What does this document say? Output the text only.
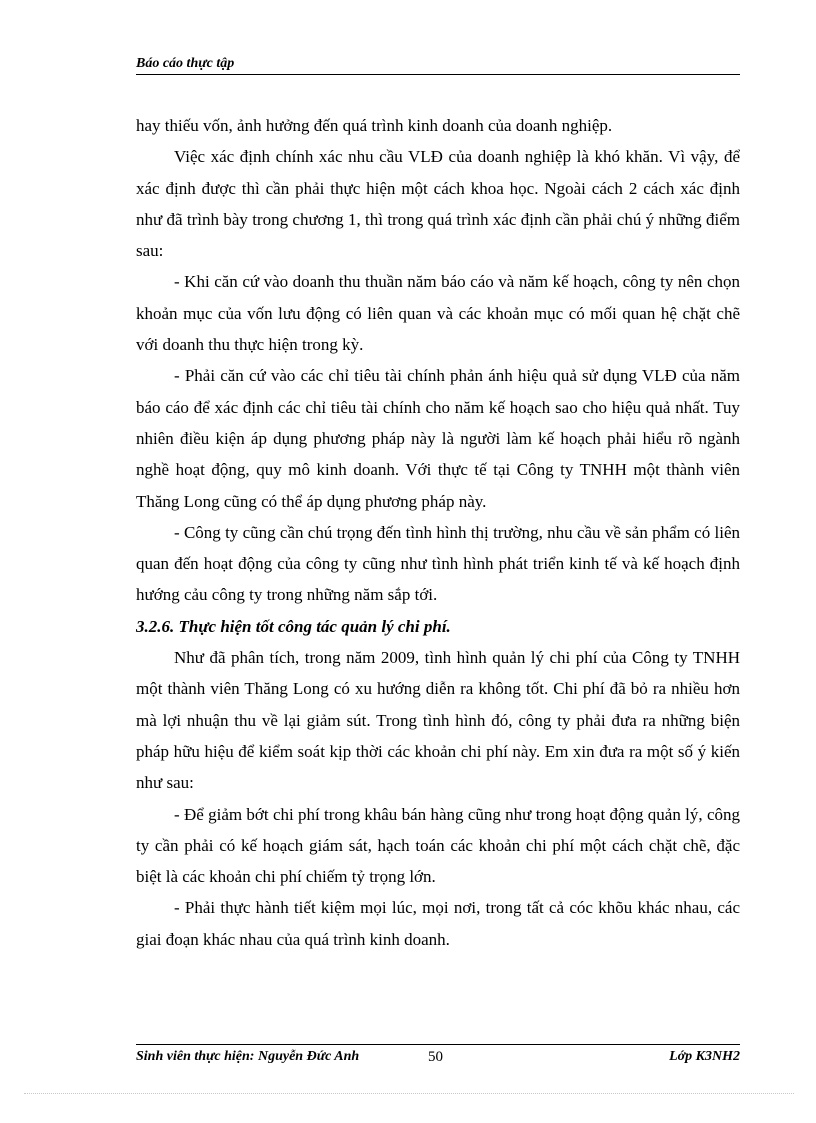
Báo cáo thực tập

hay thiếu vốn, ảnh hưởng đến quá trình kinh doanh của doanh nghiệp.

Việc xác định chính xác nhu cầu VLĐ của doanh nghiệp là khó khăn. Vì vậy, để xác định được thì cần phải thực hiện một cách khoa học. Ngoài cách 2 cách xác định như đã trình bày trong chương 1, thì trong quá trình xác định cần phải chú ý những điểm sau:

- Khi căn cứ vào doanh thu thuần năm báo cáo và năm kế hoạch, công ty nên chọn khoản mục của vốn lưu động có liên quan và các khoản mục có mối quan hệ chặt chẽ với doanh thu thực hiện trong kỳ.

- Phải căn cứ vào các chỉ tiêu tài chính phản ánh hiệu quả sử dụng VLĐ của năm báo cáo để xác định các chỉ tiêu tài chính cho năm kế hoạch sao cho hiệu quả nhất. Tuy nhiên điều kiện áp dụng phương pháp này là người làm kế hoạch phải hiểu rõ ngành nghề hoạt động, quy mô kinh doanh. Với thực tế tại Công ty TNHH một thành viên Thăng Long cũng có thể áp dụng phương pháp này.

- Công ty cũng cần chú trọng đến tình hình thị trường, nhu cầu về sản phẩm có liên quan đến hoạt động của công ty cũng như tình hình phát triển kinh tế và kế hoạch định hướng cảu công ty trong những năm sắp tới.

3.2.6. Thực hiện tốt công tác quản lý chi phí.

Như đã phân tích, trong năm 2009, tình hình quản lý chi phí của Công ty TNHH một thành viên Thăng Long có xu hướng diễn ra không tốt. Chi phí đã bỏ ra nhiều hơn mà lợi nhuận thu về lại giảm sút. Trong tình hình đó, công ty phải đưa ra những biện pháp hữu hiệu để kiểm soát kịp thời các khoản chi phí này. Em xin đưa ra một số ý kiến như sau:

- Để giảm bớt chi phí trong khâu bán hàng cũng như trong hoạt động quản lý, công ty cần phải có kế hoạch giám sát, hạch toán các khoản chi phí một cách chặt chẽ, đặc biệt là các khoản chi phí chiếm tỷ trọng lớn.

- Phải thực hành tiết kiệm mọi lúc, mọi nơi, trong tất cả cóc khõu khác nhau, các giai đoạn khác nhau của quá trình kinh doanh.

Sinh viên thực hiện: Nguyễn Đức Anh	50	Lớp K3NH2
